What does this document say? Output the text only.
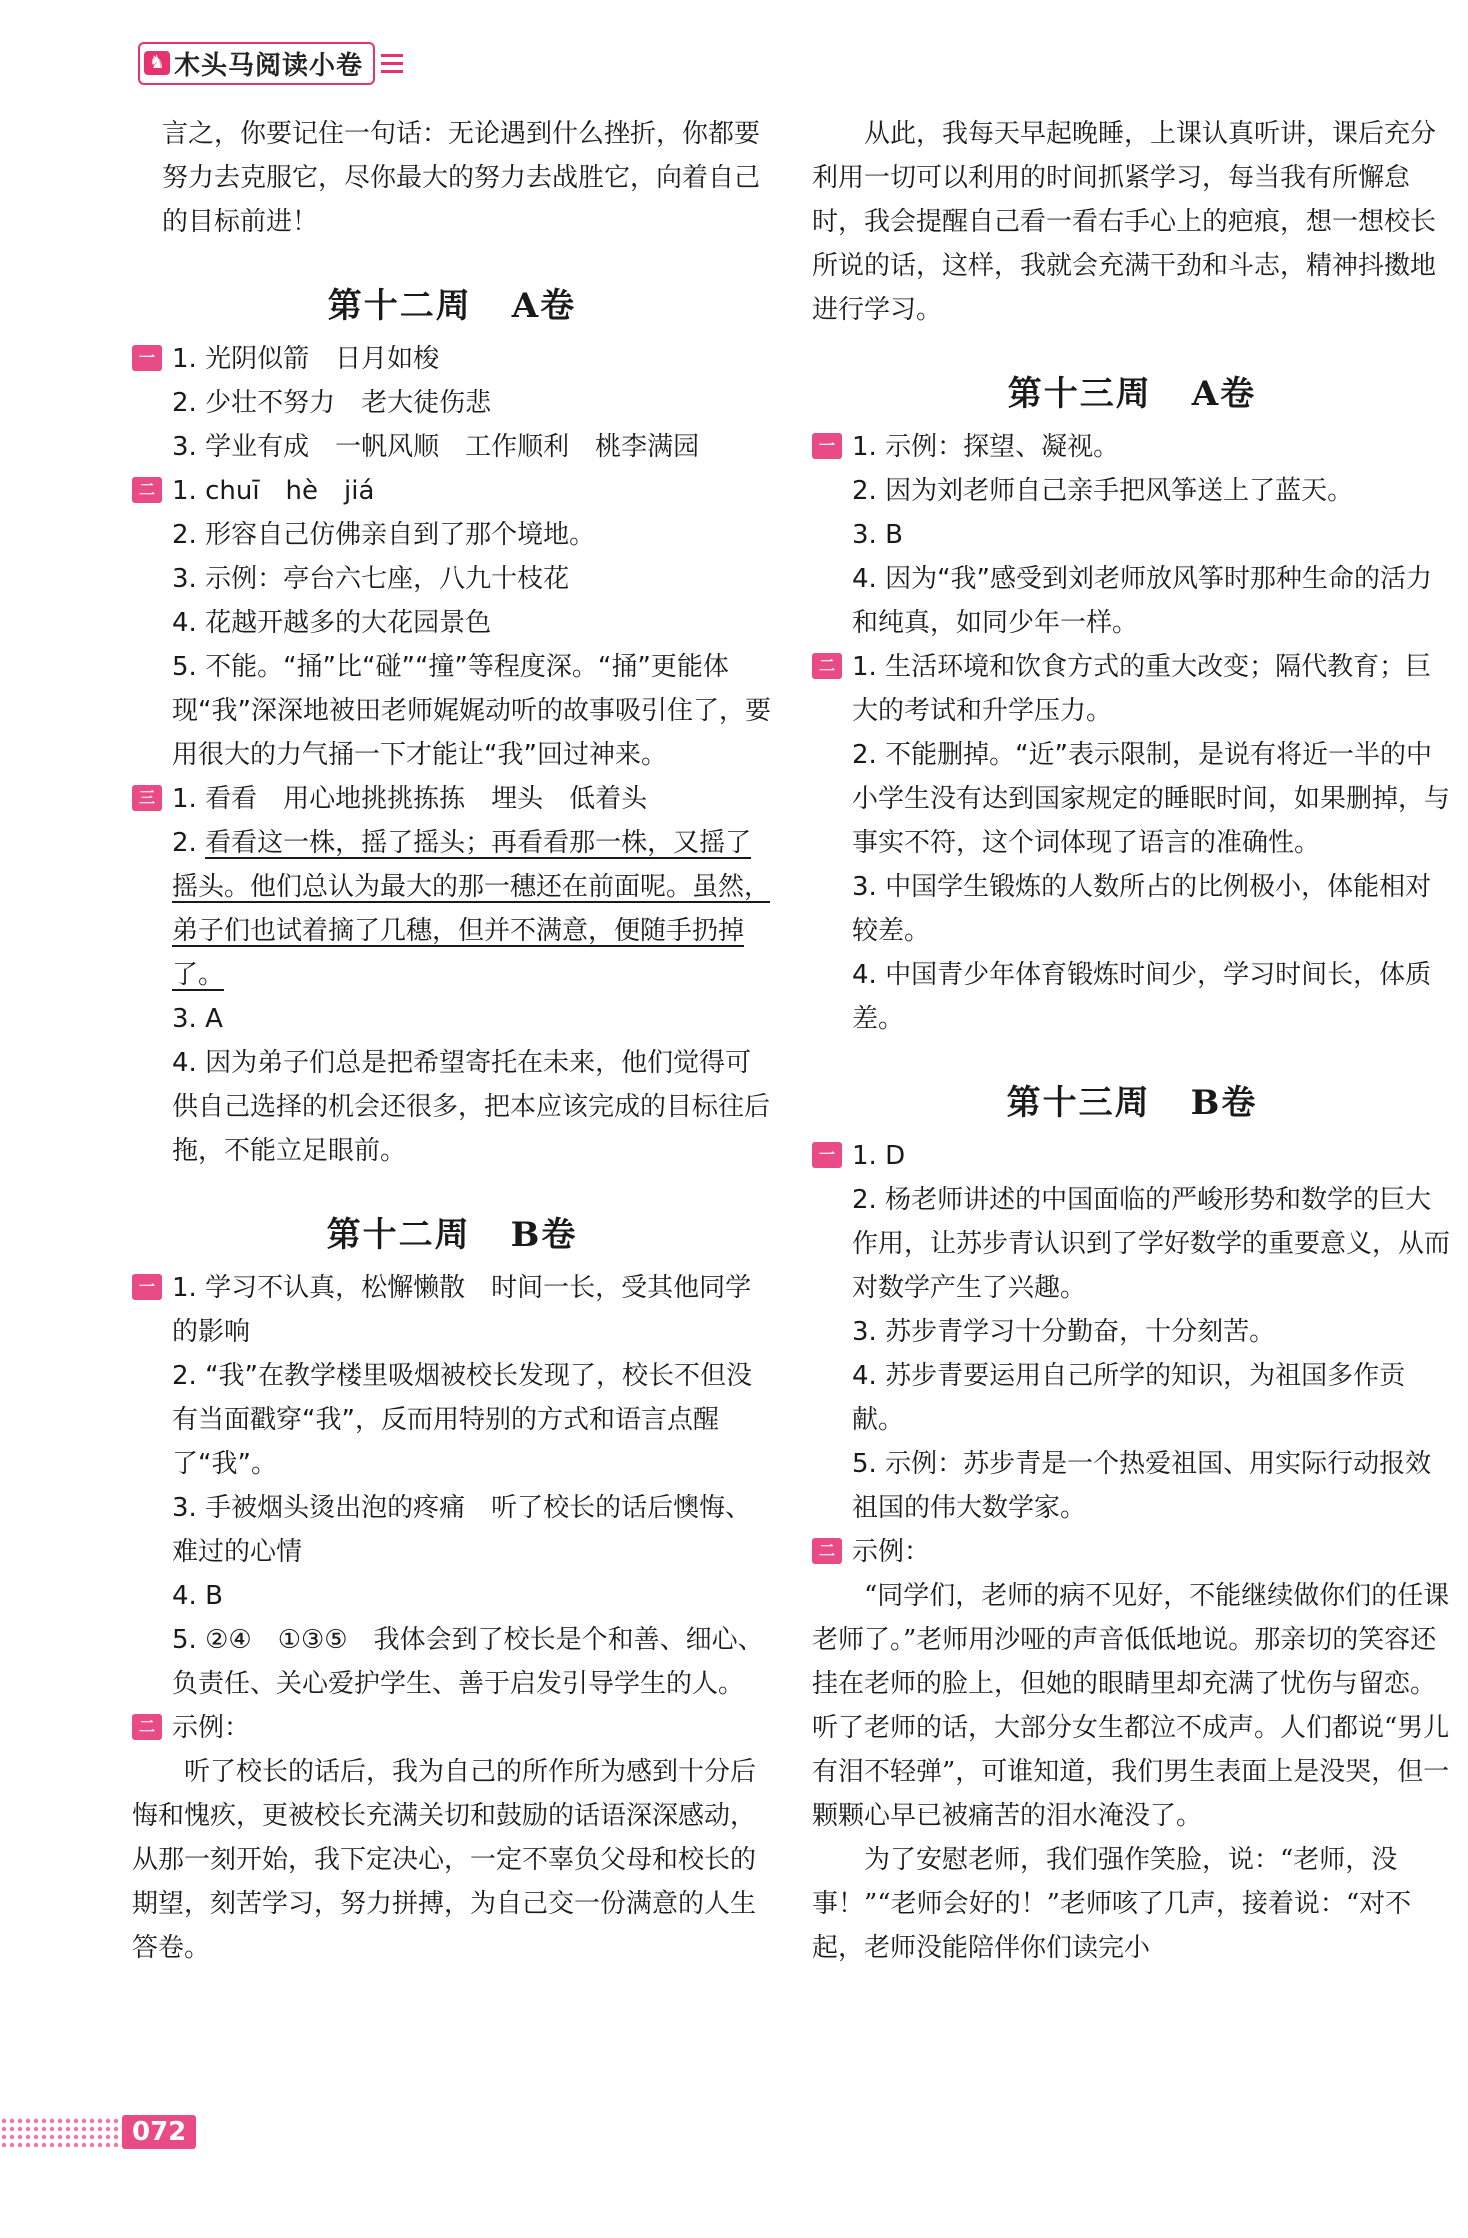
♞ 木头马阅读小卷

言之，你要记住一句话：无论遇到什么挫折，你都要努力去克服它，尽你最大的努力去战胜它，向着自己的目标前进！

第十二周 A卷
一 1. 光阴似箭　日月如梭
2. 少壮不努力　老大徒伤悲
3. 学业有成　一帆风顺　工作顺利　桃李满园
二 1. chuī　hè　jiá
2. 形容自己仿佛亲自到了那个境地。
3. 示例：亭台六七座，八九十枝花
4. 花越开越多的大花园景色
5. 不能。“捅”比“碰”“撞”等程度深。“捅”更能体现“我”深深地被田老师娓娓动听的故事吸引住了，要用很大的力气捅一下才能让“我”回过神来。
三 1. 看看　用心地挑挑拣拣　埋头　低着头
2. 看看这一株，摇了摇头；再看看那一株，又摇了摇头。他们总认为最大的那一穗还在前面呢。虽然，弟子们也试着摘了几穗，但并不满意，便随手扔掉了。
3. A
4. 因为弟子们总是把希望寄托在未来，他们觉得可供自己选择的机会还很多，把本应该完成的目标往后拖，不能立足眼前。
第十二周 B卷
一 1. 学习不认真，松懈懒散　时间一长，受其他同学的影响
2. “我”在教学楼里吸烟被校长发现了，校长不但没有当面戳穿“我”，反而用特别的方式和语言点醒了“我”。
3. 手被烟头烫出泡的疼痛　听了校长的话后懊悔、难过的心情
4. B
5. ②④　①③⑤　我体会到了校长是个和善、细心、负责任、关心爱护学生、善于启发引导学生的人。
二 示例：

听了校长的话后，我为自己的所作所为感到十分后悔和愧疚，更被校长充满关切和鼓励的话语深深感动，从那一刻开始，我下定决心，一定不辜负父母和校长的期望，刻苦学习，努力拼搏，为自己交一份满意的人生答卷。

从此，我每天早起晚睡，上课认真听讲，课后充分利用一切可以利用的时间抓紧学习，每当我有所懈怠时，我会提醒自己看一看右手心上的疤痕，想一想校长所说的话，这样，我就会充满干劲和斗志，精神抖擞地进行学习。

第十三周 A卷
一 1. 示例：探望、凝视。
2. 因为刘老师自己亲手把风筝送上了蓝天。
3. B
4. 因为“我”感受到刘老师放风筝时那种生命的活力和纯真，如同少年一样。
二 1. 生活环境和饮食方式的重大改变；隔代教育；巨大的考试和升学压力。
2. 不能删掉。“近”表示限制，是说有将近一半的中小学生没有达到国家规定的睡眠时间，如果删掉，与事实不符，这个词体现了语言的准确性。
3. 中国学生锻炼的人数所占的比例极小，体能相对较差。
4. 中国青少年体育锻炼时间少，学习时间长，体质差。
第十三周 B卷
一 1. D
2. 杨老师讲述的中国面临的严峻形势和数学的巨大作用，让苏步青认识到了学好数学的重要意义，从而对数学产生了兴趣。
3. 苏步青学习十分勤奋，十分刻苦。
4. 苏步青要运用自己所学的知识，为祖国多作贡献。
5. 示例：苏步青是一个热爱祖国、用实际行动报效祖国的伟大数学家。
二 示例：

“同学们，老师的病不见好，不能继续做你们的任课老师了。”老师用沙哑的声音低低地说。那亲切的笑容还挂在老师的脸上，但她的眼睛里却充满了忧伤与留恋。听了老师的话，大部分女生都泣不成声。人们都说“男儿有泪不轻弹”，可谁知道，我们男生表面上是没哭，但一颗颗心早已被痛苦的泪水淹没了。

为了安慰老师，我们强作笑脸，说：“老师，没事！”“老师会好的！”老师咳了几声，接着说：“对不起，老师没能陪伴你们读完小

072
